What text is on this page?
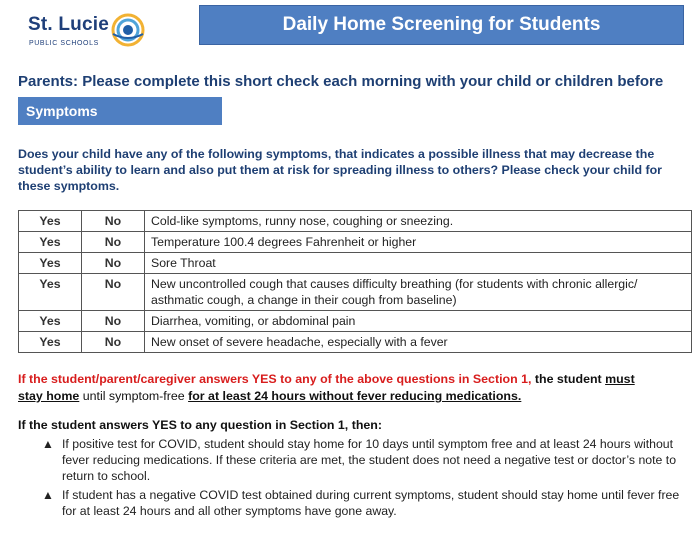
St. Lucie
PUBLIC SCHOOLS
Daily Home Screening for Students
Parents: Please complete this short check each morning with your child or children before
Symptoms
Does your child have any of the following symptoms, that indicates a possible illness that may decrease the student’s ability to learn and also put them at risk for spreading illness to others? Please check your child for these symptoms.
Yes	No	Cold-like symptoms, runny nose, coughing or sneezing.
Yes	No	Temperature 100.4 degrees Fahrenheit or higher
Yes	No	Sore Throat
Yes	No	New uncontrolled cough that causes difficulty breathing (for students with chronic allergic/ asthmatic cough, a change in their cough from baseline)
Yes	No	Diarrhea, vomiting, or abdominal pain
Yes	No	New onset of severe headache, especially with a fever
If the student/parent/caregiver answers YES to any of the above questions in Section 1, the student must
stay home until symptom-free for at least 24 hours without fever reducing medications.
If the student answers YES to any question in Section 1, then:
▲ If positive test for COVID, student should stay home for 10 days until symptom free and at least 24 hours without fever reducing medications. If these criteria are met, the student does not need a negative test or doctor’s note to return to school.
▲ If student has a negative COVID test obtained during current symptoms, student should stay home until fever free for at least 24 hours and all other symptoms have gone away.
